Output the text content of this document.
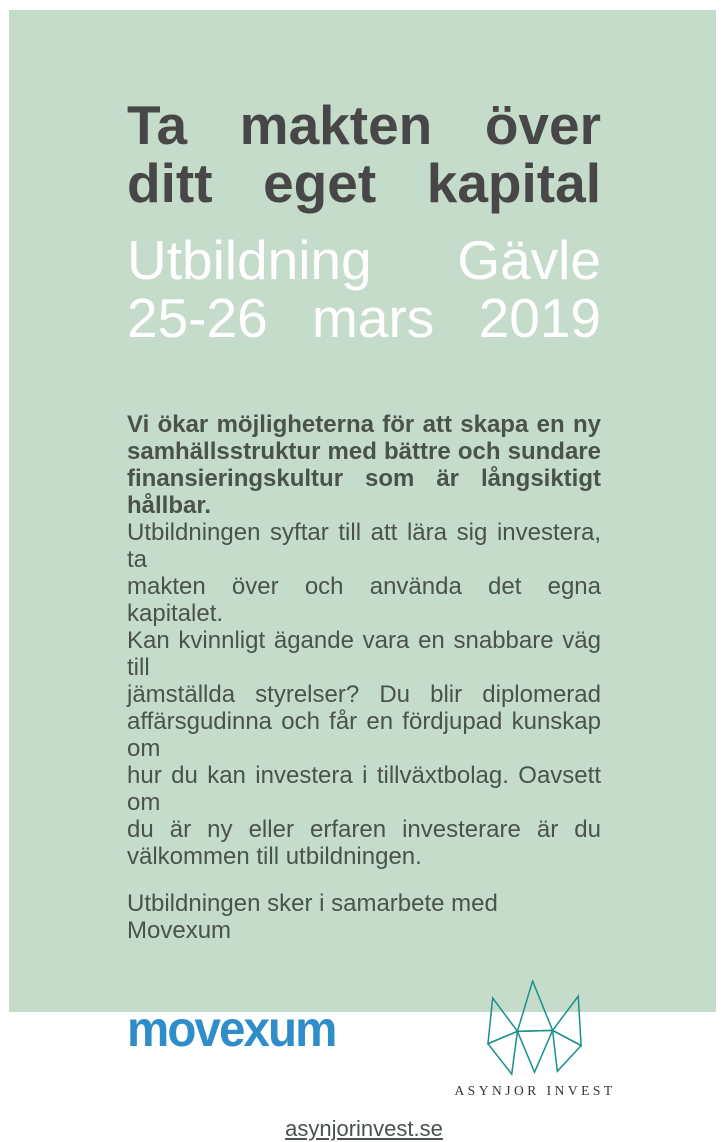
Ta makten över
ditt eget kapital
Utbildning Gävle
25-26 mars 2019
Vi ökar möjligheterna för att skapa en ny
samhällsstruktur med bättre och sundare
finansieringskultur som är långsiktigt hållbar.
Utbildningen syftar till att lära sig investera, ta
makten över och använda det egna kapitalet.
Kan kvinnligt ägande vara en snabbare väg till
jämställda styrelser? Du blir diplomerad
affärsgudinna och får en fördjupad kunskap om
hur du kan investera i tillväxtbolag. Oavsett om
du är ny eller erfaren investerare är du
välkommen till utbildningen.

Utbildningen sker i samarbete med Movexum

movexum
ASYNJOR INVEST
asynjorinvest.se
